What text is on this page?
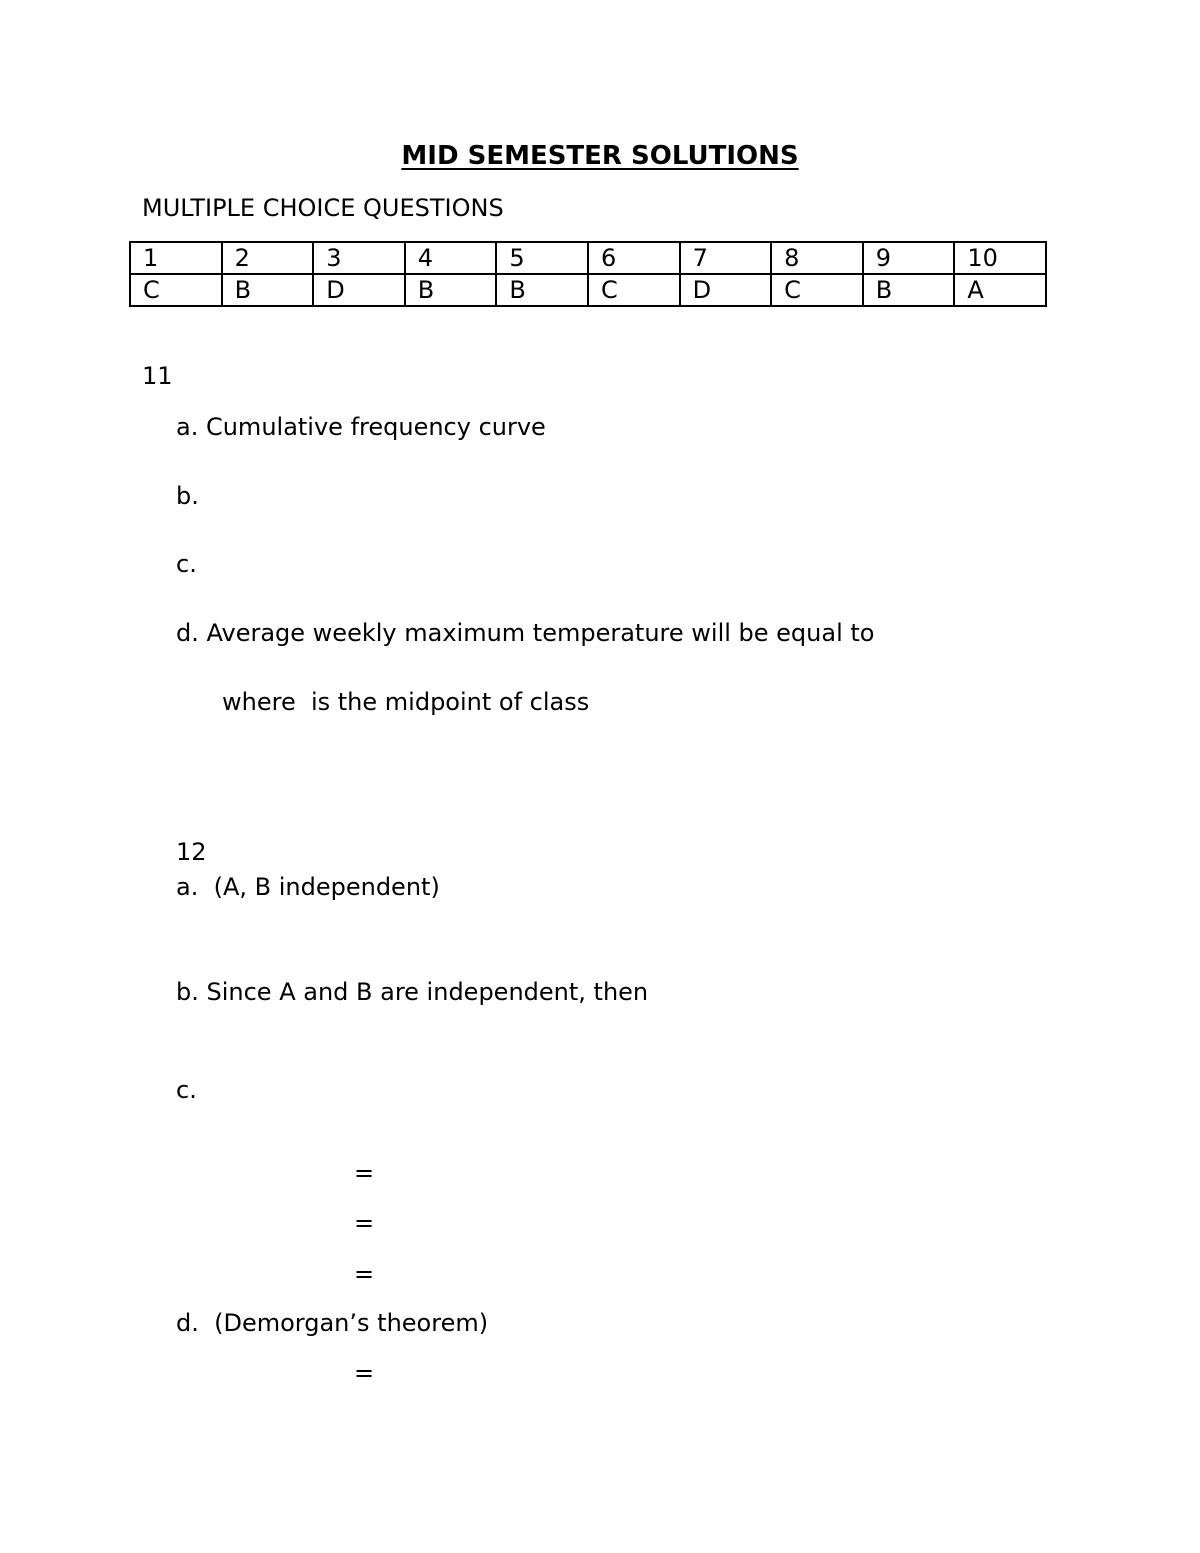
MID SEMESTER SOLUTIONS
MULTIPLE CHOICE QUESTIONS
1	2	3	4	5	6	7	8	9	10
C	B	D	B	B	C	D	C	B	A
11
a. Cumulative frequency curve
b.
c.
d. Average weekly maximum temperature will be equal to
where  is the midpoint of class
12
a.  (A, B independent)
b. Since A and B are independent, then
c.
=
=
=
d.  (Demorgan’s theorem)
=
